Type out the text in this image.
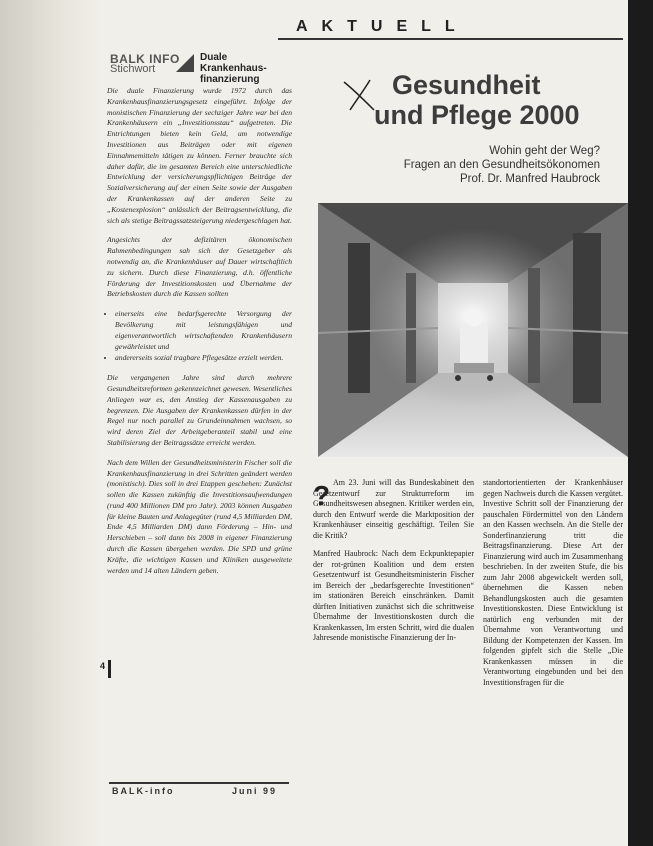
AKTUELL
BALK INFO
Stichwort
Duale Krankenhaus-
finanzierung

Die duale Finanzierung wurde 1972 durch das Krankenhausfinanzierungsgesetz eingeführt. Infolge der monistischen Finanzierung der sechziger Jahre war bei den Krankenhäusern ein „Investitionsstau“ aufgetreten. Die Entrichtungen bieten kein Geld, um notwendige Investitionen aus Beiträgen oder mit eigenen Einnahmemitteln tätigen zu können. Ferner brauchte sich daher dafür, die im gesamten Bereich eine unterschiedliche Entwicklung der versicherungspflichtigen Beiträge der Sozialversicherung auf der einen Seite sowie der Ausgaben der Krankenkassen auf der anderen Seite zu „Kostenexplosion“ anlässlich der Beitragsentwicklung, die sich als stetige Beitragssatzsteigerung niedergeschlagen hat.

Angesichts der defizitären ökonomischen Rahmenbedingungen sah sich der Gesetzgeber als notwendig an, die Krankenhäuser auf Dauer wirtschaftlich zu sichern. Durch diese Finanzierung, d.h. öffentliche Förderung der Investitionskosten und Übernahme der Betriebskosten durch die Kassen sollten

• einerseits eine bedarfsgerechte Versorgung der Bevölkerung mit leistungsfähigen und eigenverantwortlich wirtschaftenden Krankenhäusern gewährleistet und
• andererseits sozial tragbare Pflegesätze erzielt werden.

Die vergangenen Jahre sind durch mehrere Gesundheitsreformen gekennzeichnet gewesen. Wesentliches Anliegen war es, den Anstieg der Kassenausgaben zu begrenzen. Die Ausgaben der Krankenkassen dürfen in der Regel nur noch parallel zu Grundeinnahmen wachsen, so wird deren Ziel der Arbeitgeberanteil stabil und eine Stabilisierung der Beitragssätze erreicht werden.

Nach dem Willen der Gesundheitsministerin Fischer soll die Krankenhausfinanzierung in drei Schritten geändert werden (monistisch). Dies soll in drei Etappen geschehen: Zunächst sollen die Kassen zukünftig die Investitionsaufwendungen (rund 400 Millionen DM pro Jahr). 2003 können Ausgaben für kleine Bauten und Anlagegüter (rund 4,5 Milliarden DM, Ende 4,5 Milliarden DM) dann Förderung – Hin- und Herschieben – soll dann bis 2008 in eigener Finanzierung durch die Kassen übergehen werden. Die SPD und grüne Kräfte, die wichtigen Kassen und Kliniken ausgeweitete werden und 14 alten Ländern geben.

4
Gesundheit
und Pflege 2000
Wohin geht der Weg?
Fragen an den Gesundheitsökonomen
Prof. Dr. Manfred Haubrock
? Am 23. Juni will das Bundeskabinett den Gesetzentwurf zur Strukturreform im Gesundheitswesen absegnen. Kritiker werden ein, durch den Entwurf werde die Marktposition der Krankenhäuser einseitig geschäftigt. Teilen Sie die Kritik?

Manfred Haubrock: Nach dem Eckpunktepapier der rot-grünen Koalition und dem ersten Gesetzentwurf ist Gesundheitsministerin Fischer im Bereich der „bedarfsgerechte Investitionen“ im stationären Bereich einschränken. Damit dürften Initiativen zunächst sich die schrittweise Übernahme der Investitionskosten durch die Krankenkassen, Im ersten Schritt, wird die dualen Jahresende monistische Finanzierung der In-

standortorientierten der Krankenhäuser gegen Nachweis durch die Kassen vergütet. Investive Schritt soll der Finanzierung der pauschalen Fördermittel von den Ländern an den Kassen wechseln. An die Stelle der Sonderfinanzierung tritt die Beitragsfinanzierung. Diese Art der Finanzierung wird auch im Zusammenhang beschrieben. In der zweiten Stufe, die bis zum Jahr 2008 abgewickelt werden soll, übernehmen die Kassen neben Behandlungskosten auch die gesamten Investitionskosten. Diese Entwicklung ist natürlich eng verbunden mit der Übernahme von Verantwortung und Bildung der Kompetenzen der Kassen. Im folgenden gipfelt sich die Stelle „Die Krankenkassen müssen in die Verantwortung eingebunden und bei den Investitionsfragen für die
BALK-info	Juni 99
